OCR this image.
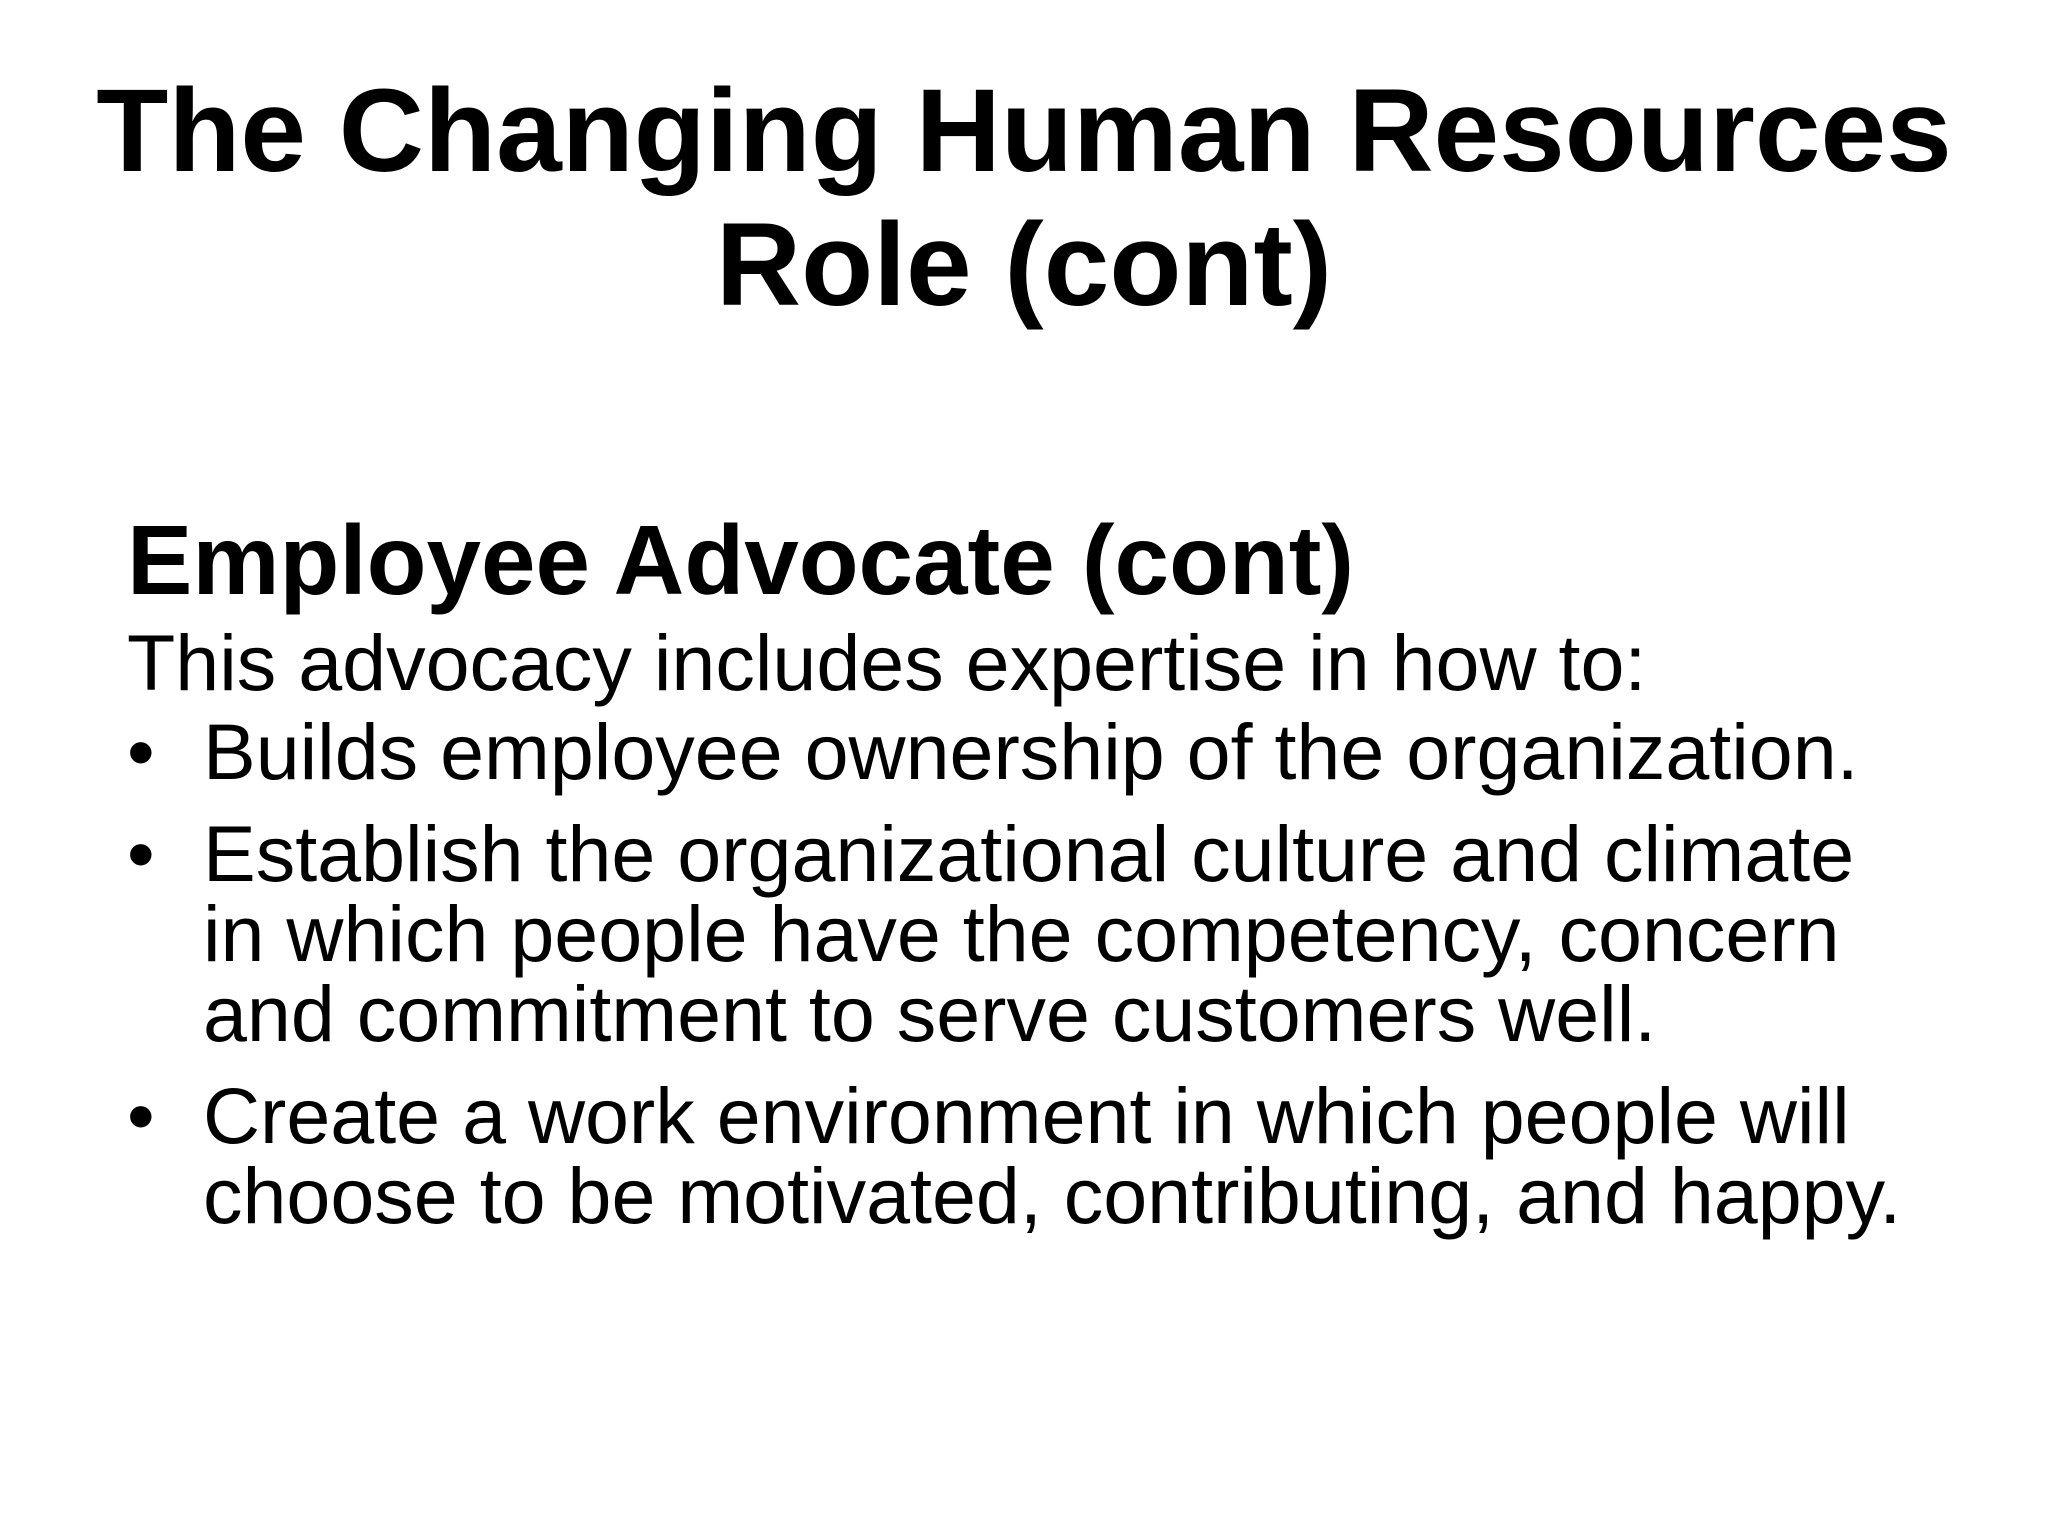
The Changing Human Resources
Role (cont)
Employee Advocate (cont)

This advocacy includes expertise in how to:

• Builds employee ownership of the organization.
• Establish the organizational culture and climate
in which people have the competency, concern
and commitment to serve customers well.
• Create a work environment in which people will
choose to be motivated, contributing, and happy.
